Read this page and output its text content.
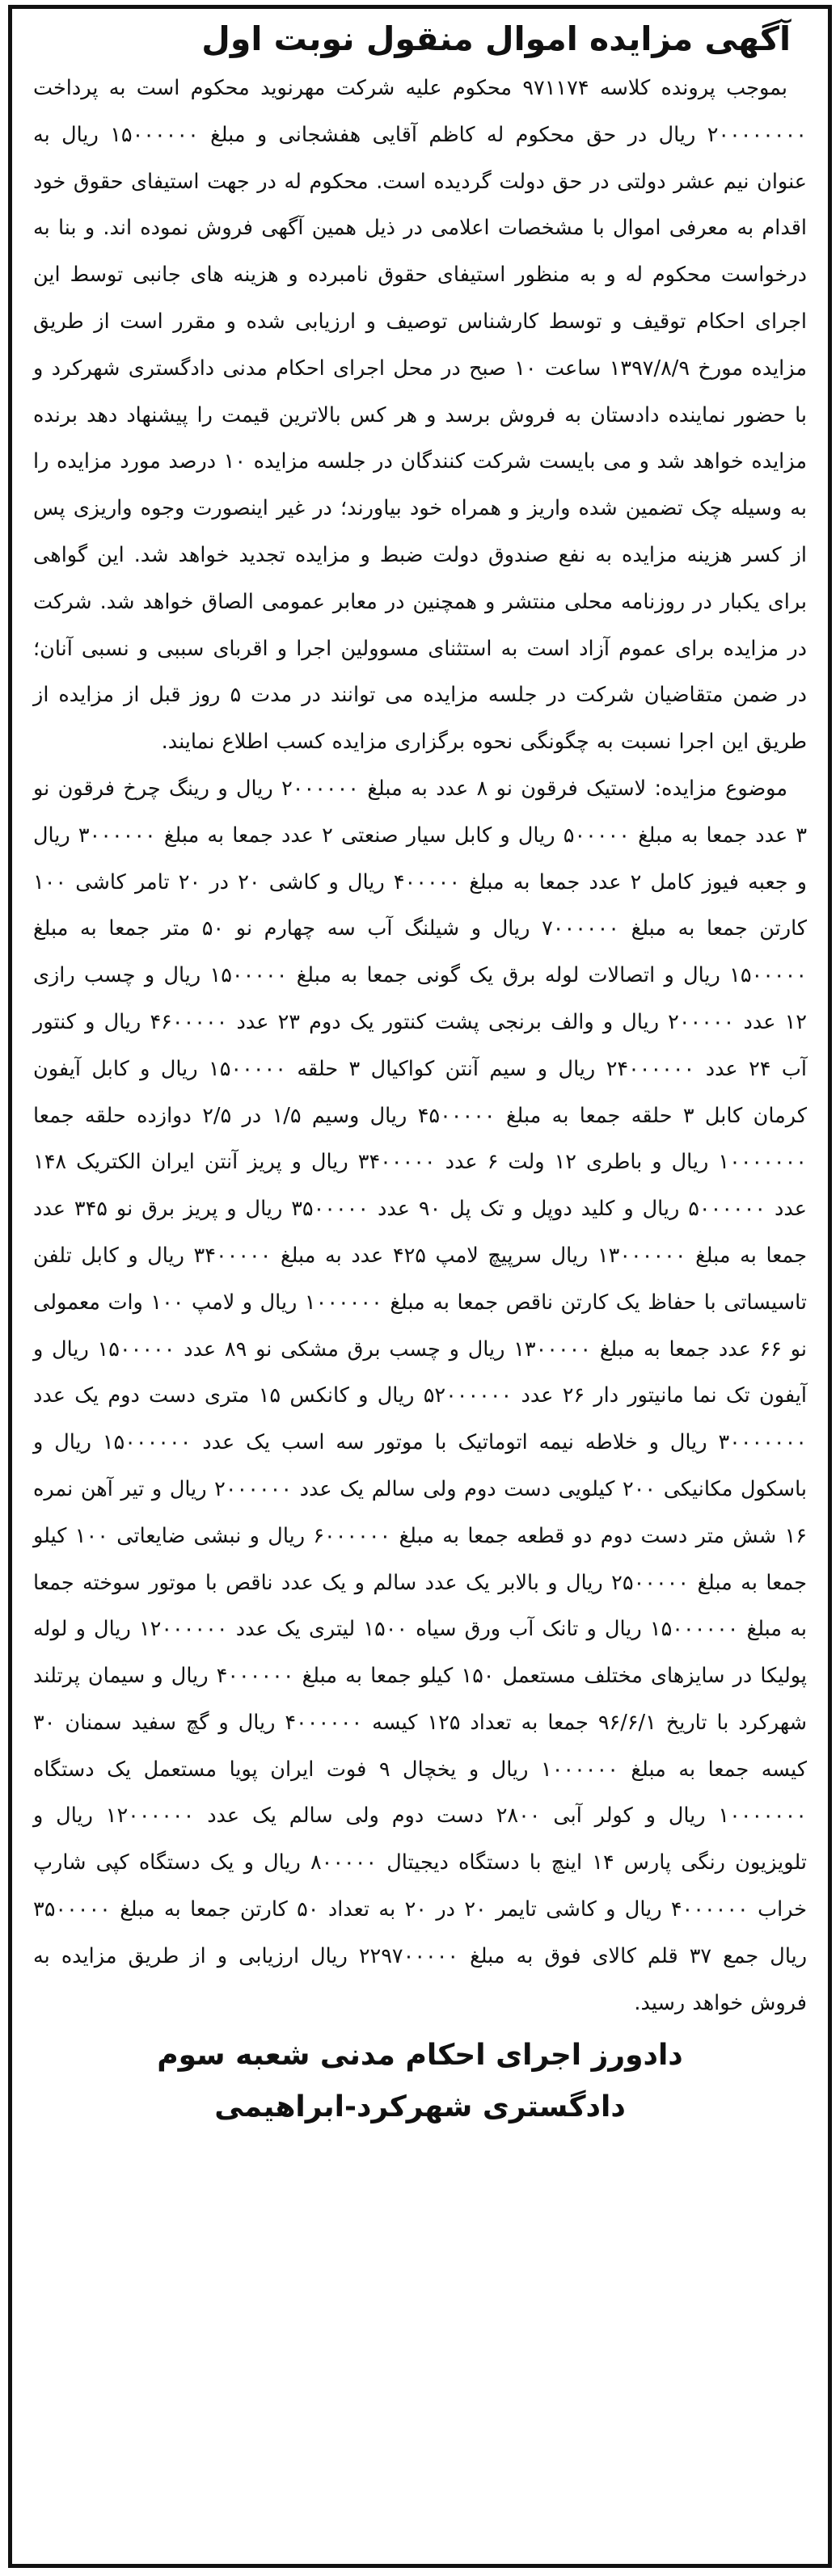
آگهی مزایده اموال منقول نوبت اول

بموجب پرونده کلاسه ۹۷۱۱۷۴ محکوم علیه شرکت مهرنوید محکوم است به پرداخت ۲۰۰۰۰۰۰۰۰ ریال در حق محکوم له کاظم آقایی هفشجانی و مبلغ ۱۵۰۰۰۰۰۰ ریال به عنوان نیم عشر دولتی در حق دولت گردیده است. محکوم له در جهت استیفای حقوق خود اقدام به معرفی اموال با مشخصات اعلامی در ذیل همین آگهی فروش نموده اند. و بنا به درخواست محکوم له و به منظور استیفای حقوق نامبرده و هزینه های جانبی توسط این اجرای احکام توقیف و توسط کارشناس توصیف و ارزیابی شده و مقرر است از طریق مزایده مورخ ۱۳۹۷/۸/۹ ساعت ۱۰ صبح در محل اجرای احکام مدنی دادگستری شهرکرد و با حضور نماینده دادستان به فروش برسد و هر کس بالاترین قیمت را پیشنهاد دهد برنده مزایده خواهد شد و می بایست شرکت کنندگان در جلسه مزایده ۱۰ درصد مورد مزایده را به وسیله چک تضمین شده واریز و همراه خود بیاورند؛ در غیر اینصورت وجوه واریزی پس از کسر هزینه مزایده به نفع صندوق دولت ضبط و مزایده تجدید خواهد شد. این گواهی برای یکبار در روزنامه محلی منتشر و همچنین در معابر عمومی الصاق خواهد شد. شرکت در مزایده برای عموم آزاد است به استثنای مسوولین اجرا و اقربای سببی و نسبی آنان؛ در ضمن متقاضیان شرکت در جلسه مزایده می توانند در مدت ۵ روز قبل از مزایده از طریق این اجرا نسبت به چگونگی نحوه برگزاری مزایده کسب اطلاع نمایند.

موضوع مزایده: لاستیک فرقون نو ۸ عدد به مبلغ ۲۰۰۰۰۰۰ ریال و رینگ چرخ فرقون نو ۳ عدد جمعا به مبلغ ۵۰۰۰۰۰ ریال و کابل سیار صنعتی ۲ عدد جمعا به مبلغ ۳۰۰۰۰۰۰ ریال و جعبه فیوز کامل ۲ عدد جمعا به مبلغ ۴۰۰۰۰۰ ریال و کاشی ۲۰ در ۲۰ تامر کاشی ۱۰۰ کارتن جمعا به مبلغ ۷۰۰۰۰۰۰ ریال و شیلنگ آب سه چهارم نو ۵۰ متر جمعا به مبلغ ۱۵۰۰۰۰۰ ریال و اتصالات لوله برق یک گونی جمعا به مبلغ ۱۵۰۰۰۰۰ ریال و چسب رازی ۱۲ عدد ۲۰۰۰۰۰ ریال و والف برنجی پشت کنتور یک دوم ۲۳ عدد ۴۶۰۰۰۰۰ ریال و کنتور آب ۲۴ عدد ۲۴۰۰۰۰۰۰ ریال و سیم آنتن کواکیال ۳ حلقه ۱۵۰۰۰۰۰ ریال و کابل آیفون کرمان کابل ۳ حلقه جمعا به مبلغ ۴۵۰۰۰۰۰ ریال وسیم ۱/۵ در ۲/۵ دوازده حلقه جمعا ۱۰۰۰۰۰۰۰ ریال و باطری ۱۲ ولت ۶ عدد ۳۴۰۰۰۰۰ ریال و پریز آنتن ایران الکتریک ۱۴۸ عدد ۵۰۰۰۰۰۰ ریال و کلید دوپل و تک پل ۹۰ عدد ۳۵۰۰۰۰۰ ریال و پریز برق نو ۳۴۵ عدد جمعا به مبلغ ۱۳۰۰۰۰۰۰ ریال سرپیچ لامپ ۴۲۵ عدد به مبلغ ۳۴۰۰۰۰۰ ریال و کابل تلفن تاسیساتی با حفاظ یک کارتن ناقص جمعا به مبلغ ۱۰۰۰۰۰۰ ریال و لامپ ۱۰۰ وات معمولی نو ۶۶ عدد جمعا به مبلغ ۱۳۰۰۰۰۰ ریال و چسب برق مشکی نو ۸۹ عدد ۱۵۰۰۰۰۰ ریال و آیفون تک نما مانیتور دار ۲۶ عدد ۵۲۰۰۰۰۰۰ ریال و کانکس ۱۵ متری دست دوم یک عدد ۳۰۰۰۰۰۰۰ ریال و خلاطه نیمه اتوماتیک با موتور سه اسب یک عدد ۱۵۰۰۰۰۰۰ ریال و باسکول مکانیکی ۲۰۰ کیلویی دست دوم ولی سالم یک عدد ۲۰۰۰۰۰۰ ریال و تیر آهن نمره ۱۶ شش متر دست دوم دو قطعه جمعا به مبلغ ۶۰۰۰۰۰۰ ریال و نبشی ضایعاتی ۱۰۰ کیلو جمعا به مبلغ ۲۵۰۰۰۰۰ ریال و بالابر یک عدد سالم و یک عدد ناقص با موتور سوخته جمعا به مبلغ ۱۵۰۰۰۰۰۰ ریال و تانک آب ورق سیاه ۱۵۰۰ لیتری یک عدد ۱۲۰۰۰۰۰۰ ریال و لوله پولیکا در سایزهای مختلف مستعمل ۱۵۰ کیلو جمعا به مبلغ ۴۰۰۰۰۰۰ ریال و سیمان پرتلند شهرکرد با تاریخ ۹۶/۶/۱ جمعا به تعداد ۱۲۵ کیسه ۴۰۰۰۰۰۰ ریال و گچ سفید سمنان ۳۰ کیسه جمعا به مبلغ ۱۰۰۰۰۰۰ ریال و یخچال ۹ فوت ایران پویا مستعمل یک دستگاه ۱۰۰۰۰۰۰۰ ریال و کولر آبی ۲۸۰۰ دست دوم ولی سالم یک عدد ۱۲۰۰۰۰۰۰ ریال و تلویزیون رنگی پارس ۱۴ اینچ با دستگاه دیجیتال ۸۰۰۰۰۰ ریال و یک دستگاه کپی شارپ خراب ۴۰۰۰۰۰۰ ریال و کاشی تایمر ۲۰ در ۲۰ به تعداد ۵۰ کارتن جمعا به مبلغ ۳۵۰۰۰۰۰ ریال جمع ۳۷ قلم کالای فوق به مبلغ ۲۲۹۷۰۰۰۰۰ ریال ارزیابی و از طریق مزایده به فروش خواهد رسید.

دادورز اجرای احکام مدنی شعبه سوم
دادگستری شهرکرد-ابراهیمی
